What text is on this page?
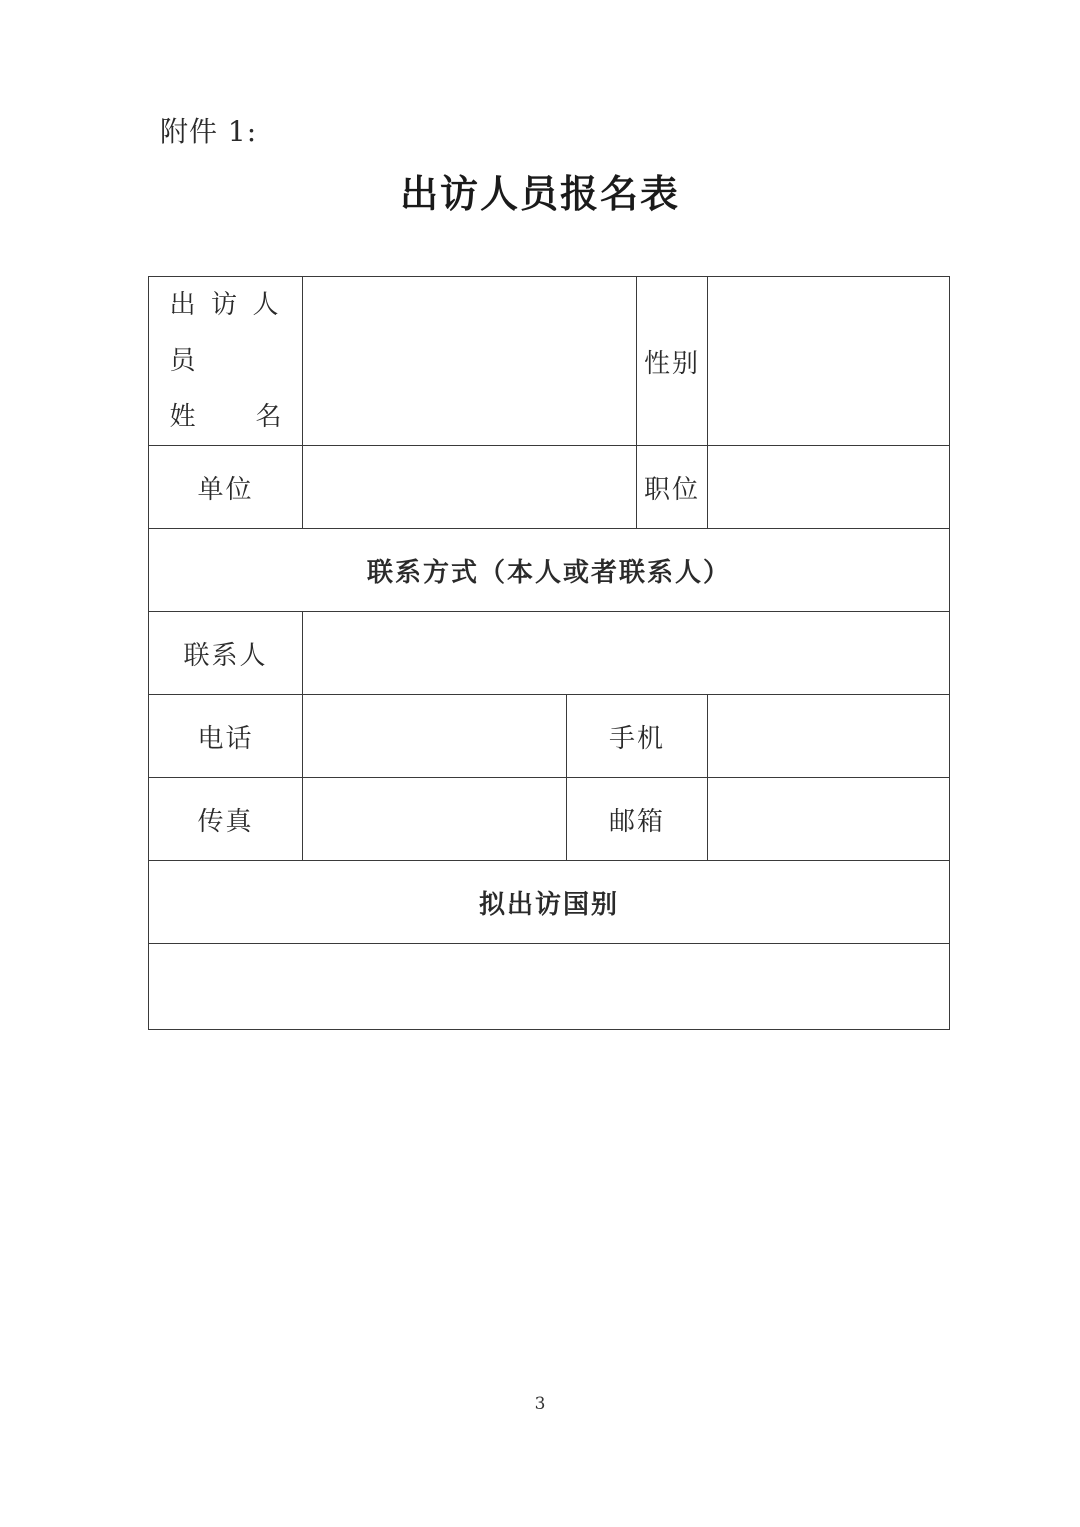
附件 1:
出访人员报名表
出访人员
姓 名			性别	
单位			职位	
联系方式（本人或者联系人）				
联系人				
电话		手机		
传真		邮箱		
拟出访国别				

3
